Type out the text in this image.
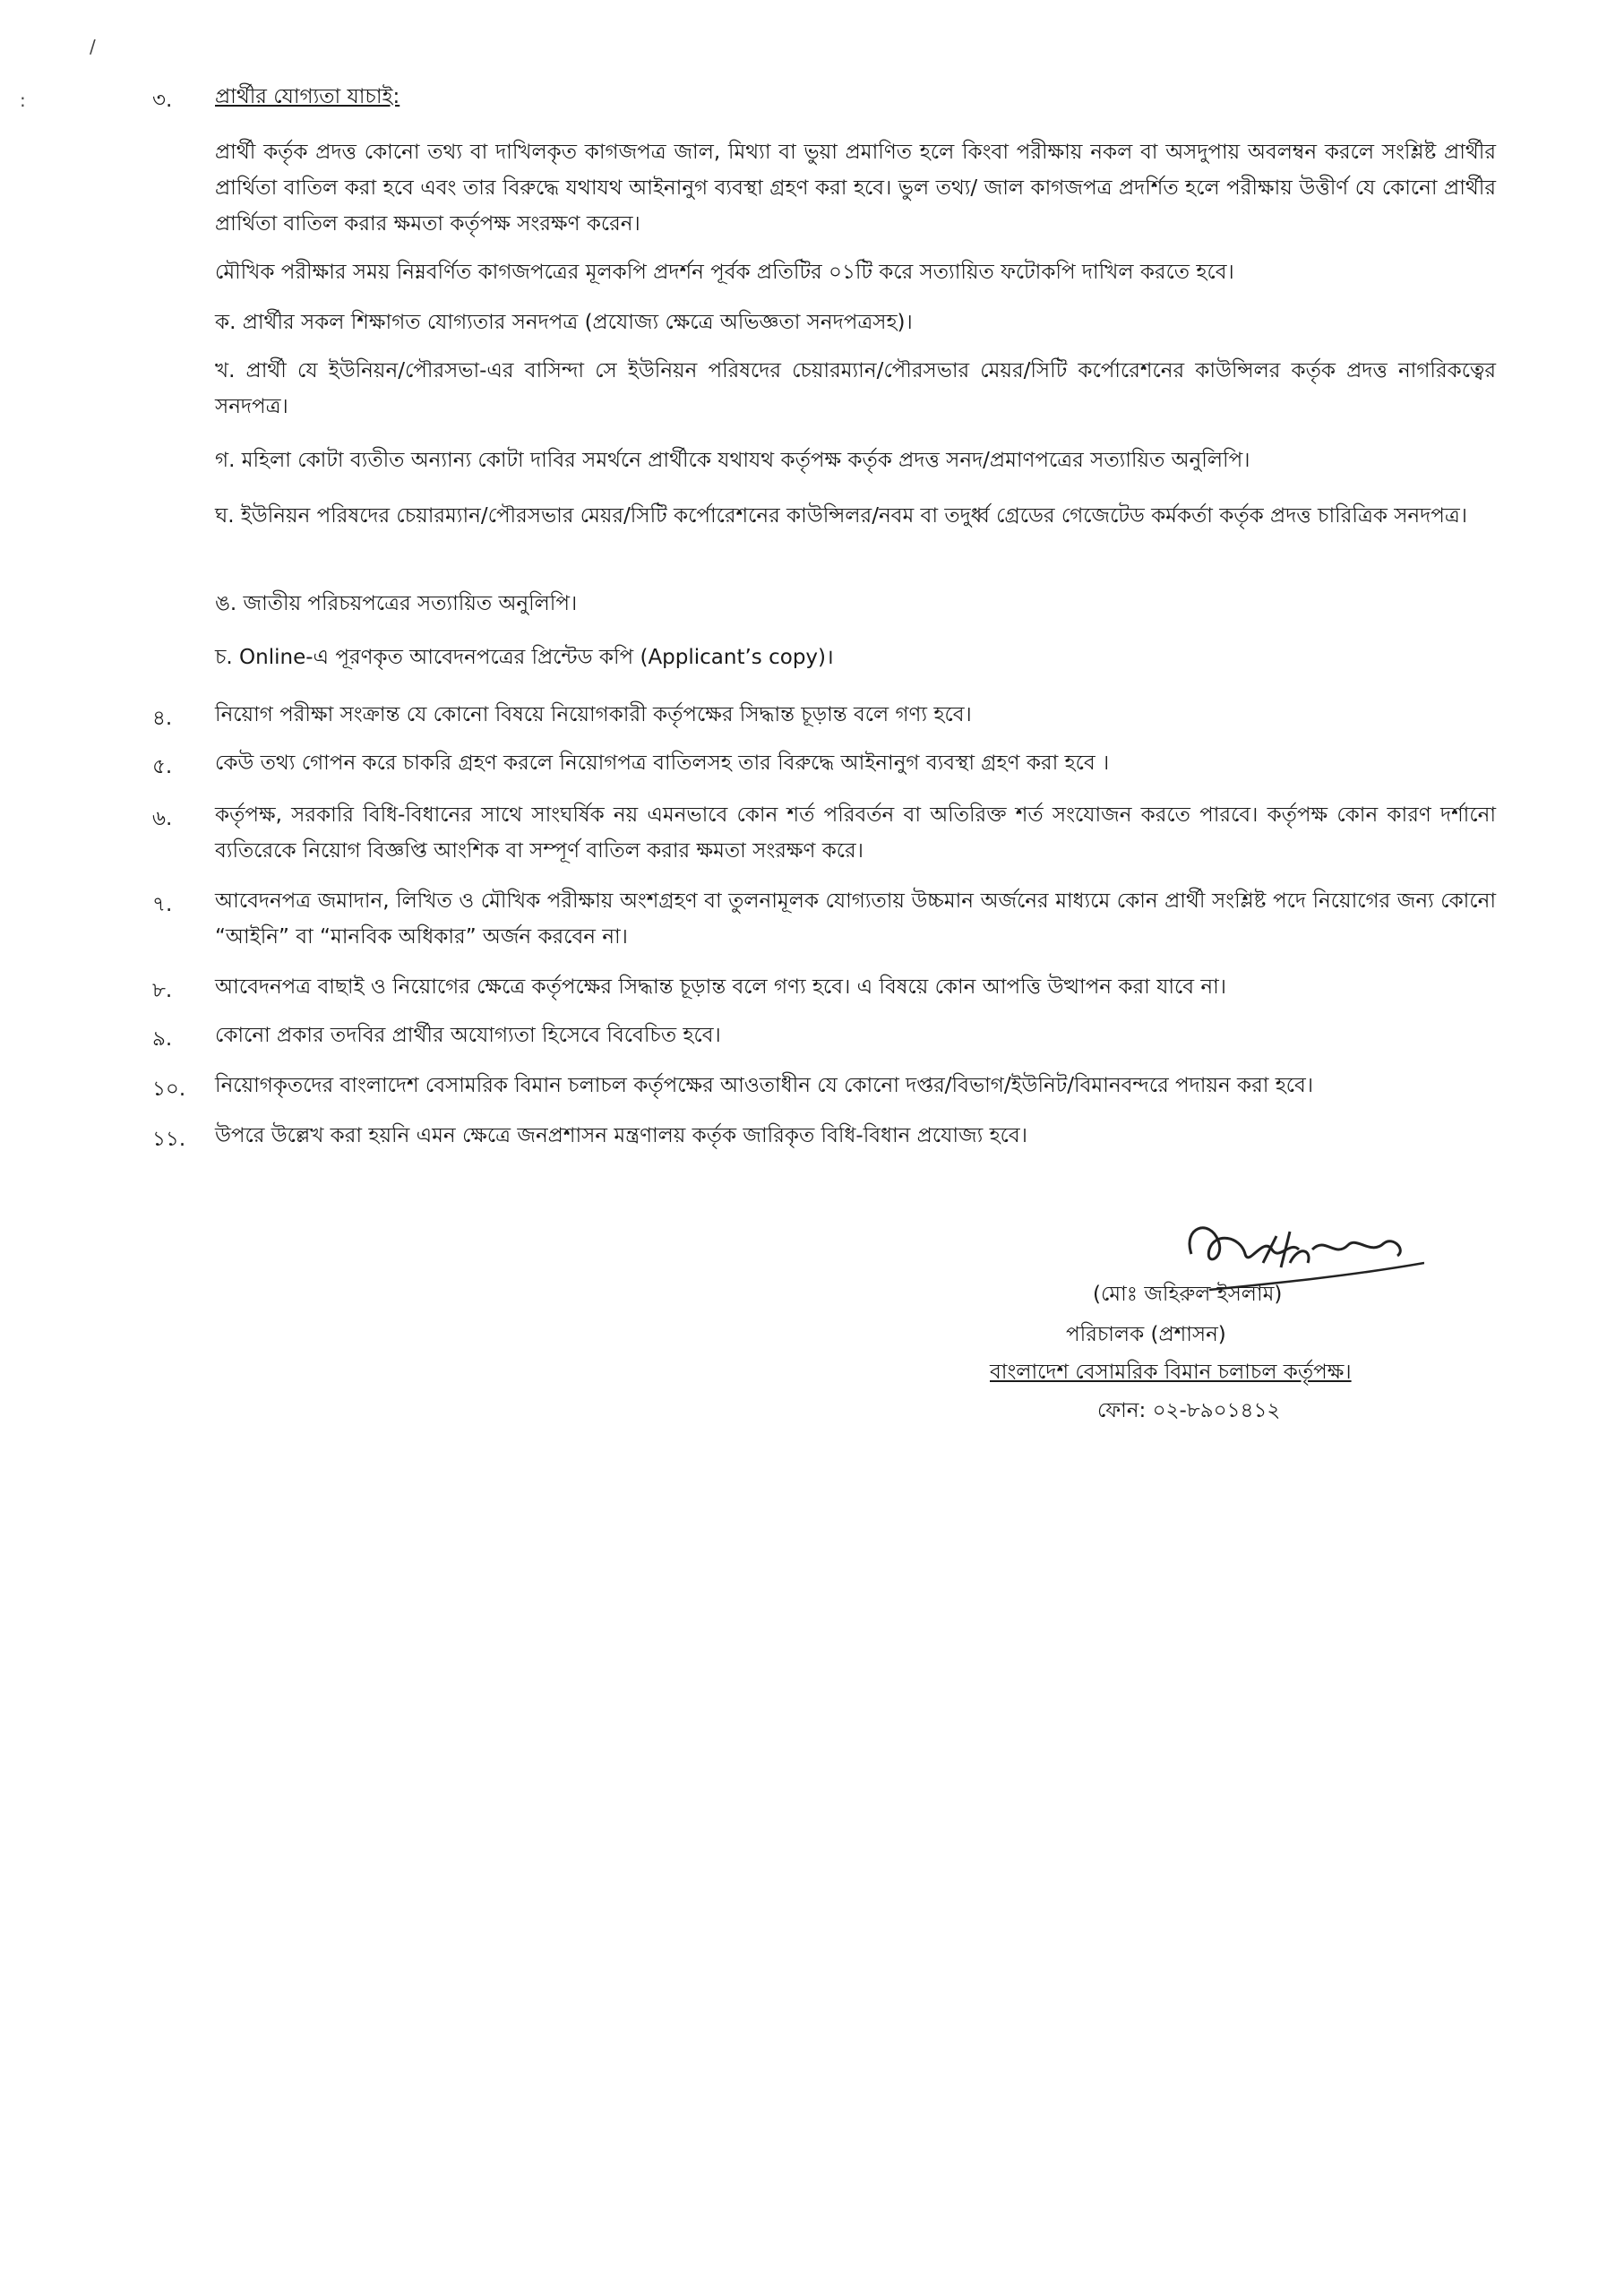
/
:	৩.	প্রার্থীর যোগ্যতা যাচাই:
প্রার্থী কর্তৃক প্রদত্ত কোনো তথ্য বা দাখিলকৃত কাগজপত্র জাল, মিথ্যা বা ভুয়া প্রমাণিত হলে কিংবা পরীক্ষায় নকল বা অসদুপায় অবলম্বন করলে সংশ্লিষ্ট প্রার্থীর প্রার্থিতা বাতিল করা হবে এবং তার বিরুদ্ধে যথাযথ আইনানুগ ব্যবস্থা গ্রহণ করা হবে। ভুল তথ্য/ জাল কাগজপত্র প্রদর্শিত হলে পরীক্ষায় উত্তীর্ণ যে কোনো প্রার্থীর প্রার্থিতা বাতিল করার ক্ষমতা কর্তৃপক্ষ সংরক্ষণ করেন।
মৌখিক পরীক্ষার সময় নিম্নবর্ণিত কাগজপত্রের মূলকপি প্রদর্শন পূর্বক প্রতিটির ০১টি করে সত্যায়িত ফটোকপি দাখিল করতে হবে।
ক. প্রার্থীর সকল শিক্ষাগত যোগ্যতার সনদপত্র (প্রযোজ্য ক্ষেত্রে অভিজ্ঞতা সনদপত্রসহ)।
খ. প্রার্থী যে ইউনিয়ন/পৌরসভা-এর বাসিন্দা সে ইউনিয়ন পরিষদের চেয়ারম্যান/পৌরসভার মেয়র/সিটি কর্পোরেশনের কাউন্সিলর কর্তৃক প্রদত্ত নাগরিকত্বের সনদপত্র।
গ. মহিলা কোটা ব্যতীত অন্যান্য কোটা দাবির সমর্থনে প্রার্থীকে যথাযথ কর্তৃপক্ষ কর্তৃক প্রদত্ত সনদ/প্রমাণপত্রের সত্যায়িত অনুলিপি।
ঘ. ইউনিয়ন পরিষদের চেয়ারম্যান/পৌরসভার মেয়র/সিটি কর্পোরেশনের কাউন্সিলর/নবম বা তদুর্ধ্ব গ্রেডের গেজেটেড কর্মকর্তা কর্তৃক প্রদত্ত চারিত্রিক সনদপত্র।
ঙ. জাতীয় পরিচয়পত্রের সত্যায়িত অনুলিপি।
চ. Online-এ পূরণকৃত আবেদনপত্রের প্রিন্টেড কপি (Applicant’s copy)।
৪.	নিয়োগ পরীক্ষা সংক্রান্ত যে কোনো বিষয়ে নিয়োগকারী কর্তৃপক্ষের সিদ্ধান্ত চূড়ান্ত বলে গণ্য হবে।
৫.	কেউ তথ্য গোপন করে চাকরি গ্রহণ করলে নিয়োগপত্র বাতিলসহ তার বিরুদ্ধে আইনানুগ ব্যবস্থা গ্রহণ করা হবে ।
৬.	কর্তৃপক্ষ, সরকারি বিধি-বিধানের সাথে সাংঘর্ষিক নয় এমনভাবে কোন শর্ত পরিবর্তন বা অতিরিক্ত শর্ত সংযোজন করতে পারবে। কর্তৃপক্ষ কোন কারণ দর্শানো ব্যতিরেকে নিয়োগ বিজ্ঞপ্তি আংশিক বা সম্পূর্ণ বাতিল করার ক্ষমতা সংরক্ষণ করে।
৭.	আবেদনপত্র জমাদান, লিখিত ও মৌখিক পরীক্ষায় অংশগ্রহণ বা তুলনামূলক যোগ্যতায় উচ্চমান অর্জনের মাধ্যমে কোন প্রার্থী সংশ্লিষ্ট পদে নিয়োগের জন্য কোনো “আইনি” বা “মানবিক অধিকার” অর্জন করবেন না।
৮.	আবেদনপত্র বাছাই ও নিয়োগের ক্ষেত্রে কর্তৃপক্ষের সিদ্ধান্ত চূড়ান্ত বলে গণ্য হবে। এ বিষয়ে কোন আপত্তি উত্থাপন করা যাবে না।
৯.	কোনো প্রকার তদবির প্রার্থীর অযোগ্যতা হিসেবে বিবেচিত হবে।
১০.	নিয়োগকৃতদের বাংলাদেশ বেসামরিক বিমান চলাচল কর্তৃপক্ষের আওতাধীন যে কোনো দপ্তর/বিভাগ/ইউনিট/বিমানবন্দরে পদায়ন করা হবে।
১১.	উপরে উল্লেখ করা হয়নি এমন ক্ষেত্রে জনপ্রশাসন মন্ত্রণালয় কর্তৃক জারিকৃত বিধি-বিধান প্রযোজ্য হবে।
(মোঃ জহিরুল ইসলাম)
পরিচালক (প্রশাসন)
বাংলাদেশ বেসামরিক বিমান চলাচল কর্তৃপক্ষ।
ফোন: ০২-৮৯০১৪১২
